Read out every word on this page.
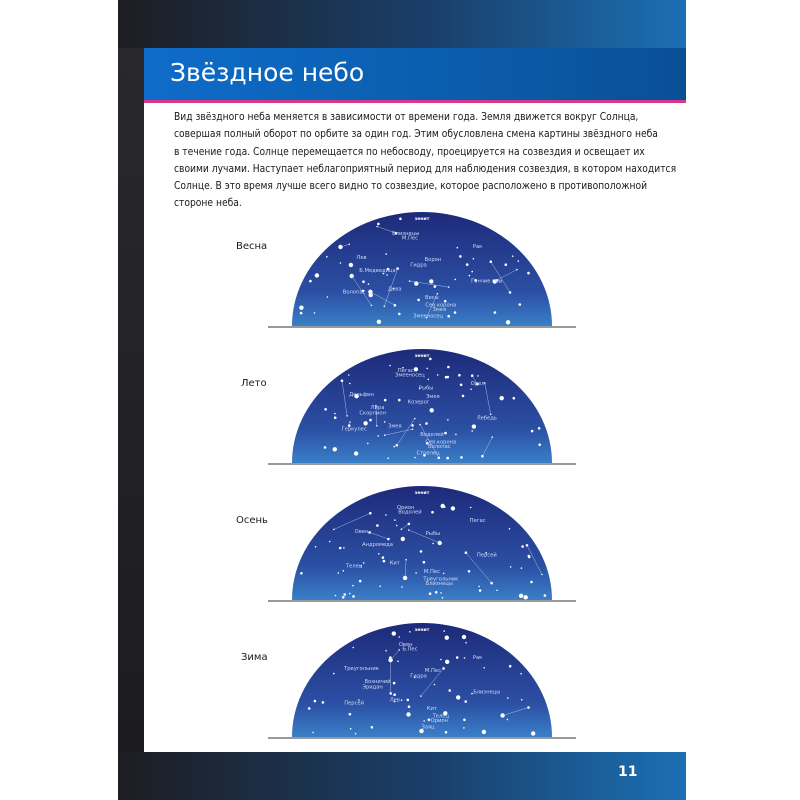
Звёздное небо
Вид звёздного неба меняется в зависимости от времени года. Земля движется вокруг Солнца,
совершая полный оборот по орбите за один год. Этим обусловлена смена картины звёздного неба
в течение года. Солнце перемещается по небосводу, проецируется на созвездия и освещает их
своими лучами. Наступает неблагоприятный период для наблюдения созвездия, в котором находится
Солнце. В это время лучше всего видно то созвездие, которое расположено в противоположной
стороне неба.
Весна
Лето
Осень
Зима
зенит
Б.Медведица
Гончие псы
Волопас
Сев.корона
Лев
Рак
Близнецы
Змея
Дева
Ворон
М.Пес
Весы
Гидра
Змееносец
зенит
Лира
Лебедь
Геркулес
Сев.корона
Дельфин
Орел
Пегас
Волопас
Змея
Змея
Змееносец
Водолей
Козерог
Стрелец
Скорпион
Рыбы
зенит
Андромеда
Персей
Телец
Треугольник
Овен
Пегас
Орион
Близнецы
Кит
Рыбы
Водолей
М.Пес
зенит
Возничий
Близнецы
Персей
Телец
Треугольник
Рак
Овен
Орион
Лев
М.Пес
Б.Пес
Кит
Гидра
Заяц
Эридан
11
